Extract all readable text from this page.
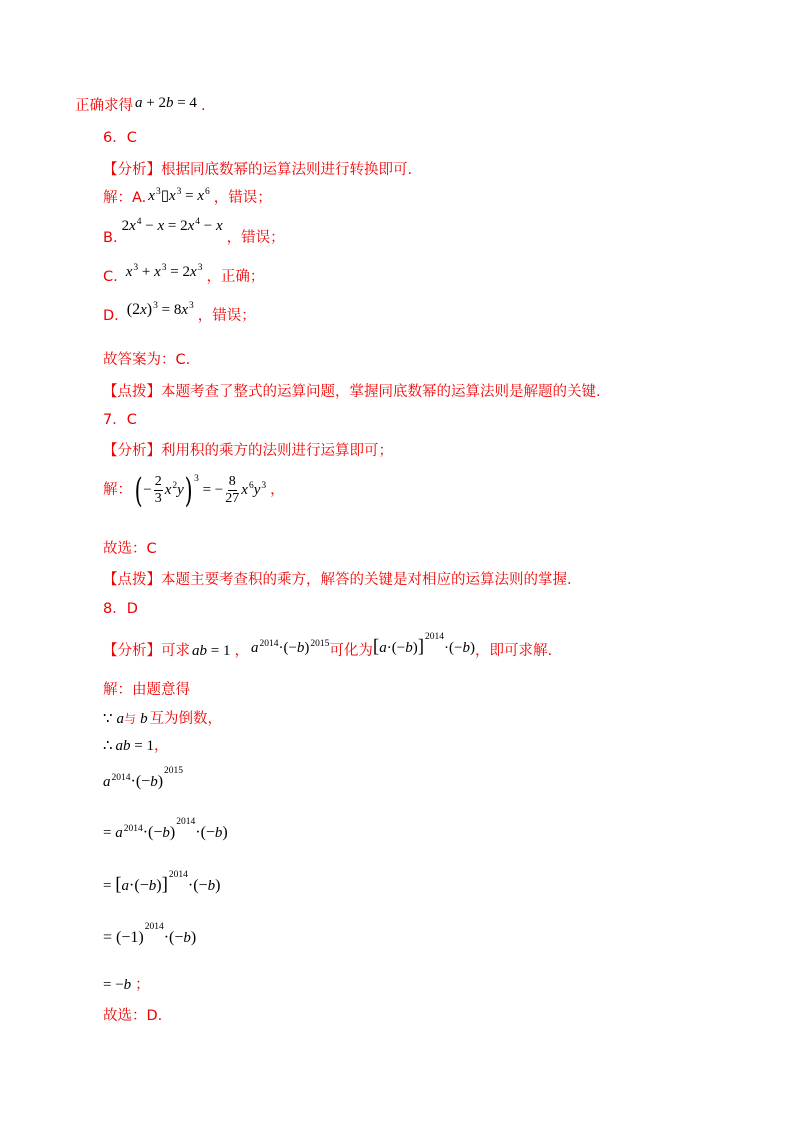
正确求得 a + 2b = 4 .
6．C
【分析】根据同底数幂的运算法则进行转换即可.
解：A. $x^3▯x^3 = x^6$ ，错误；
$B.2x^4 - x = 2x^4 - x$，错误；
C. $x^3 + x^3 = 2x^3$，正确；
D. $(2x)^3 = 8x^3$，错误；
故答案为：C.
【点拨】本题考查了整式的运算问题，掌握同底数幂的运算法则是解题的关键.
7．C
【分析】利用积的乘方的法则进行运算即可；
解：(− $\frac{2}{3} x^2y$) $^3$ = − $\frac{8}{27} x^6y^3$ ，
故选：C
【点拨】本题主要考查积的乘方，解答的关键是对相应的运算法则的掌握.
8．D
【分析】可求 ab = 1 ， $a^{2014}\cdot(-b)^{2015}$可化为$[a\cdot(-b)]^{2014}\cdot(-b)$，即可求解.
解：由题意得
∵ a与 b 互为倒数，
∴ ab = 1，
$a^{2014}\cdot(-b)^{2015}$
= $a^{2014}\cdot(-b)^{2014}\cdot(-b)$
= $[a\cdot(-b)]^{2014}\cdot(-b)$
= $(-1)^{2014}\cdot(-b)$
= −b ；
故选：D.
